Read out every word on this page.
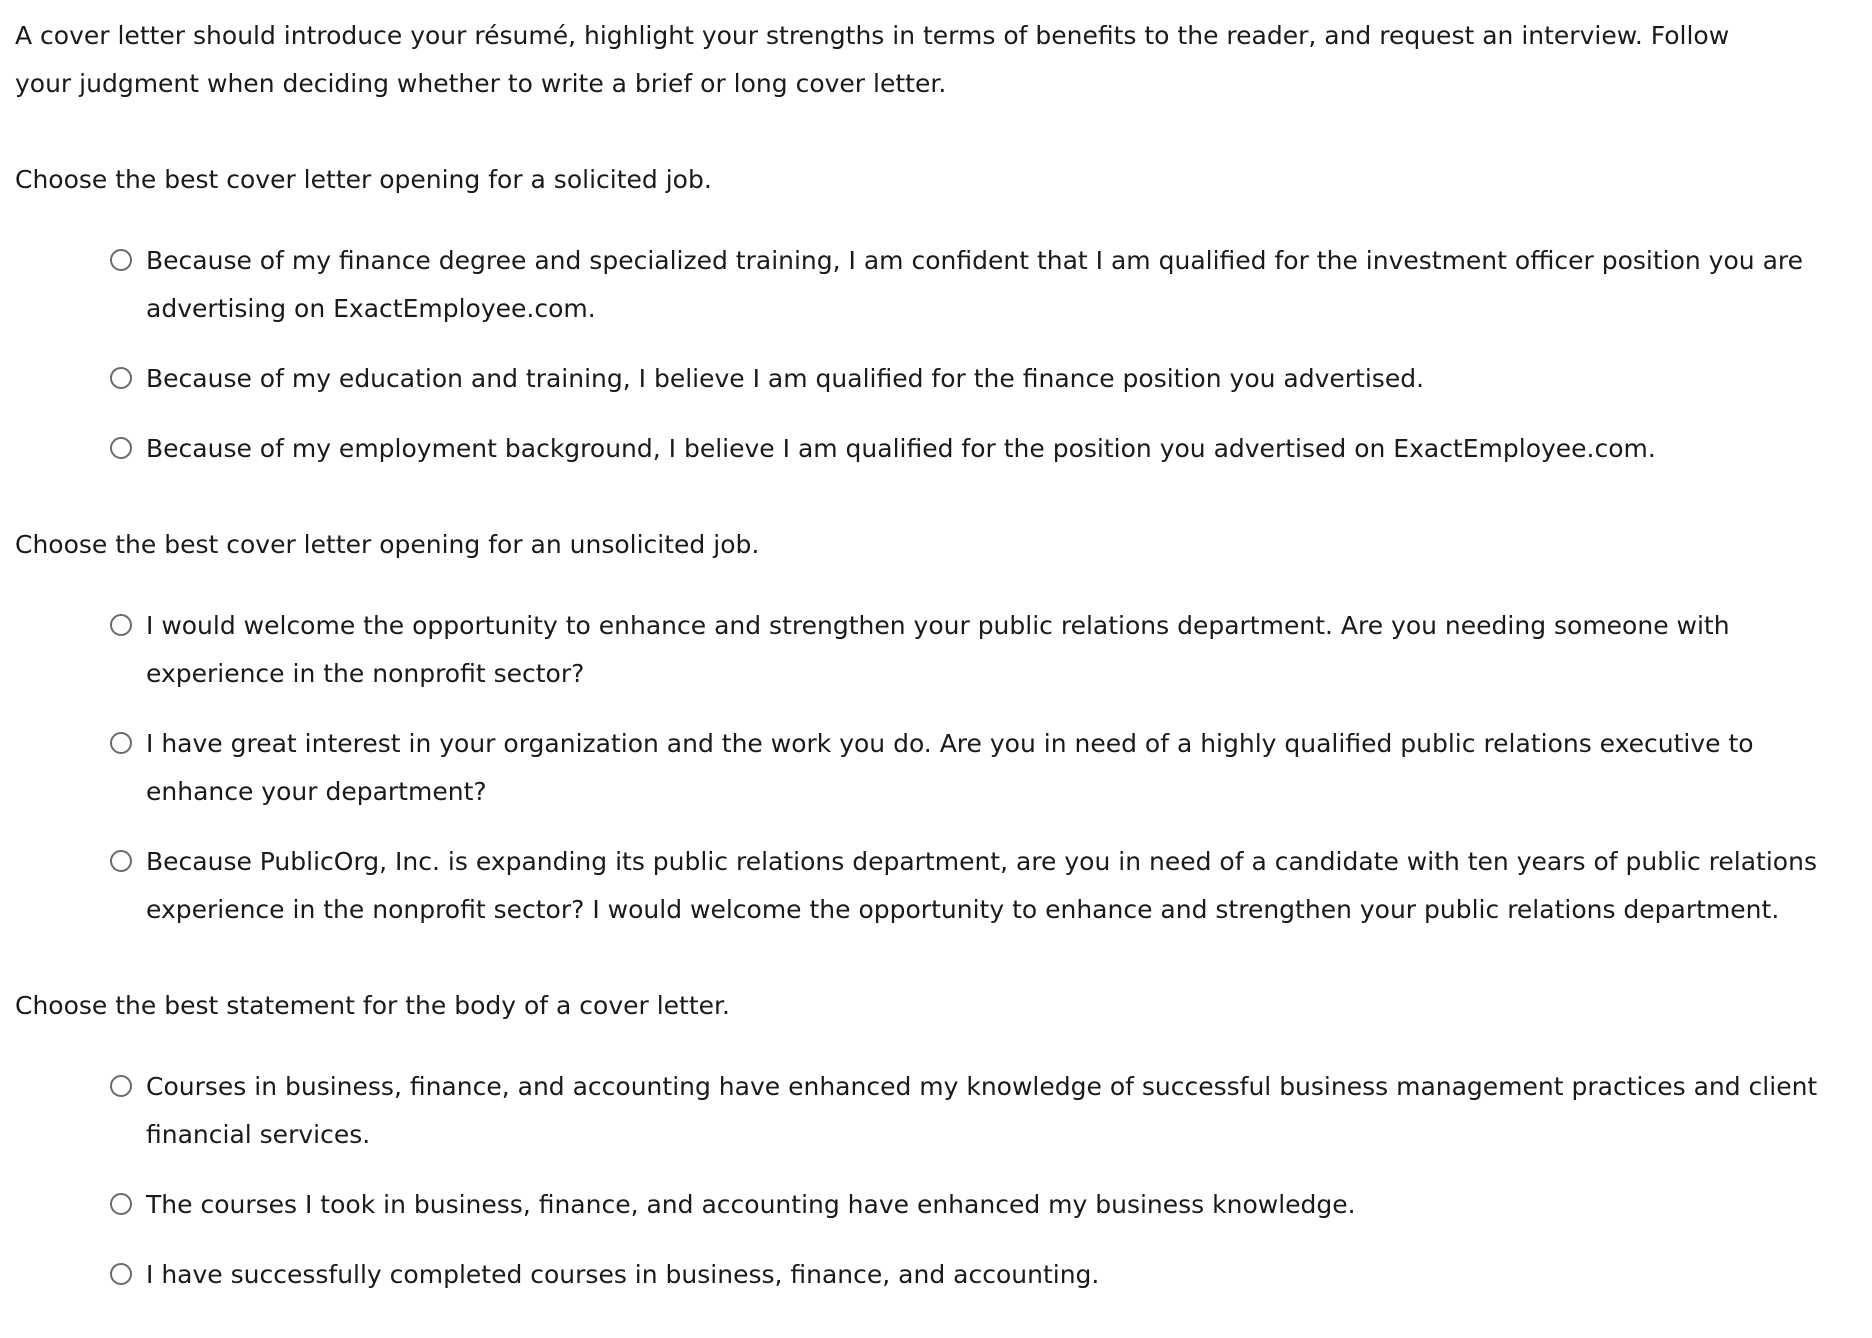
A cover letter should introduce your résumé, highlight your strengths in terms of benefits to the reader, and request an interview. Follow your judgment when deciding whether to write a brief or long cover letter.

Choose the best cover letter opening for a solicited job.

Because of my finance degree and specialized training, I am confident that I am qualified for the investment officer position you are advertising on ExactEmployee.com.
Because of my education and training, I believe I am qualified for the finance position you advertised.
Because of my employment background, I believe I am qualified for the position you advertised on ExactEmployee.com.

Choose the best cover letter opening for an unsolicited job.

I would welcome the opportunity to enhance and strengthen your public relations department. Are you needing someone with experience in the nonprofit sector?
I have great interest in your organization and the work you do. Are you in need of a highly qualified public relations executive to enhance your department?
Because PublicOrg, Inc. is expanding its public relations department, are you in need of a candidate with ten years of public relations experience in the nonprofit sector? I would welcome the opportunity to enhance and strengthen your public relations department.

Choose the best statement for the body of a cover letter.

Courses in business, finance, and accounting have enhanced my knowledge of successful business management practices and client financial services.
The courses I took in business, finance, and accounting have enhanced my business knowledge.
I have successfully completed courses in business, finance, and accounting.
